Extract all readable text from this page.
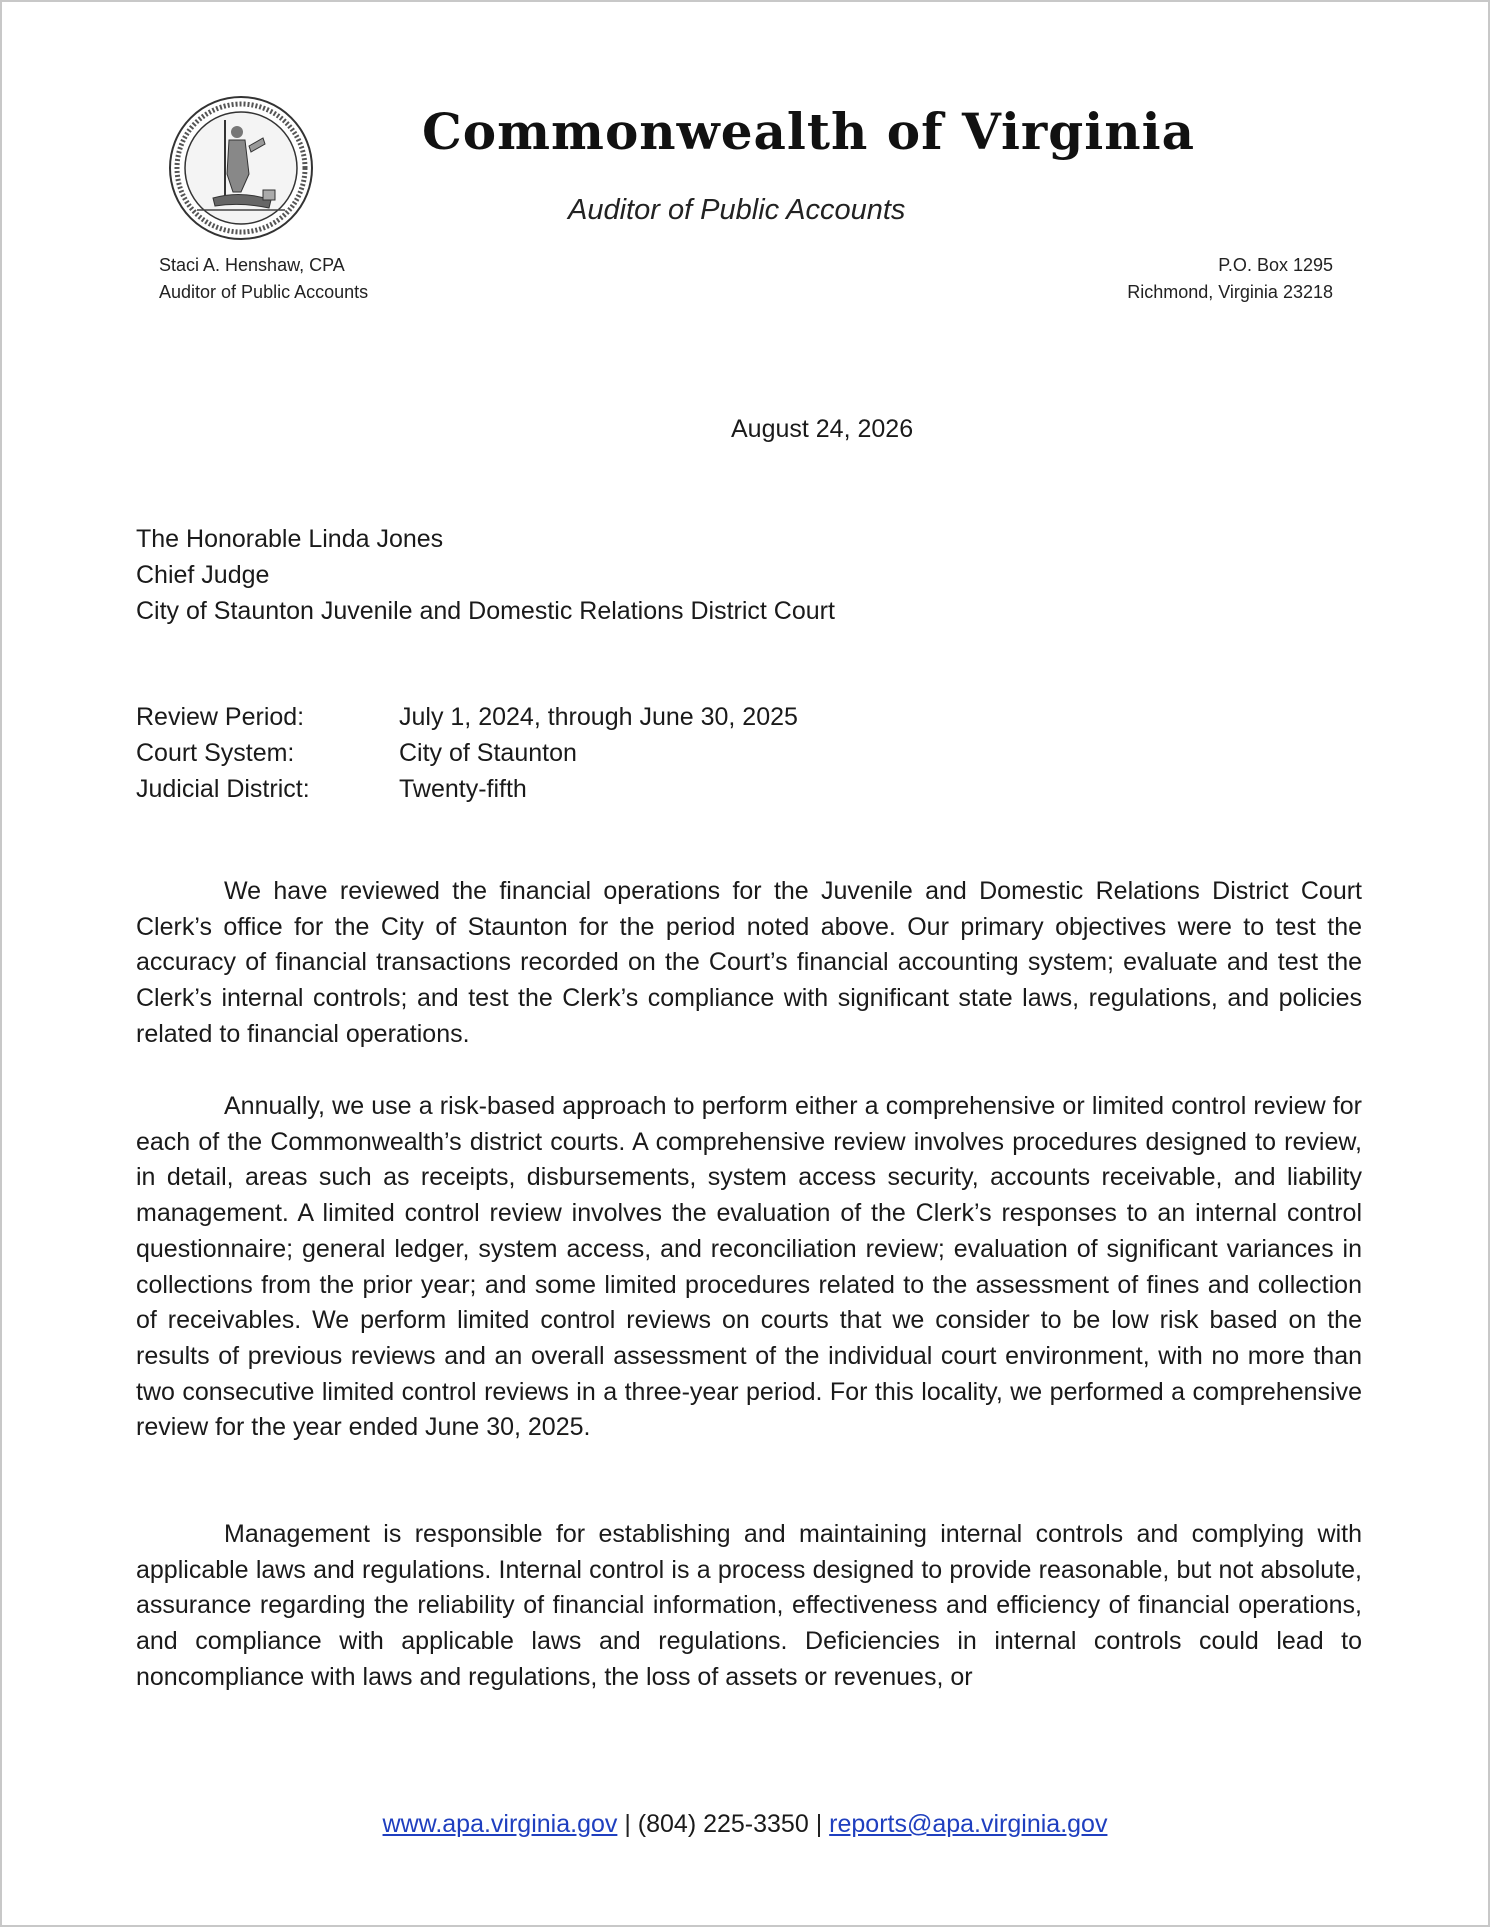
Commonwealth of Virginia
Auditor of Public Accounts
Staci A. Henshaw, CPA
Auditor of Public Accounts
P.O. Box 1295
Richmond, Virginia 23218
August 24, 2026
The Honorable Linda Jones
Chief Judge
City of Staunton Juvenile and Domestic Relations District Court
Review Period:	July 1, 2024, through June 30, 2025
Court System:	City of Staunton
Judicial District:	Twenty-fifth

We have reviewed the financial operations for the Juvenile and Domestic Relations District Court Clerk’s office for the City of Staunton for the period noted above. Our primary objectives were to test the accuracy of financial transactions recorded on the Court’s financial accounting system; evaluate and test the Clerk’s internal controls; and test the Clerk’s compliance with significant state laws, regulations, and policies related to financial operations.

Annually, we use a risk-based approach to perform either a comprehensive or limited control review for each of the Commonwealth’s district courts. A comprehensive review involves procedures designed to review, in detail, areas such as receipts, disbursements, system access security, accounts receivable, and liability management. A limited control review involves the evaluation of the Clerk’s responses to an internal control questionnaire; general ledger, system access, and reconciliation review; evaluation of significant variances in collections from the prior year; and some limited procedures related to the assessment of fines and collection of receivables. We perform limited control reviews on courts that we consider to be low risk based on the results of previous reviews and an overall assessment of the individual court environment, with no more than two consecutive limited control reviews in a three-year period. For this locality, we performed a comprehensive review for the year ended June 30, 2025.

Management is responsible for establishing and maintaining internal controls and complying with applicable laws and regulations. Internal control is a process designed to provide reasonable, but not absolute, assurance regarding the reliability of financial information, effectiveness and efficiency of financial operations, and compliance with applicable laws and regulations. Deficiencies in internal controls could lead to noncompliance with laws and regulations, the loss of assets or revenues, or

www.apa.virginia.gov | (804) 225-3350 | reports@apa.virginia.gov
